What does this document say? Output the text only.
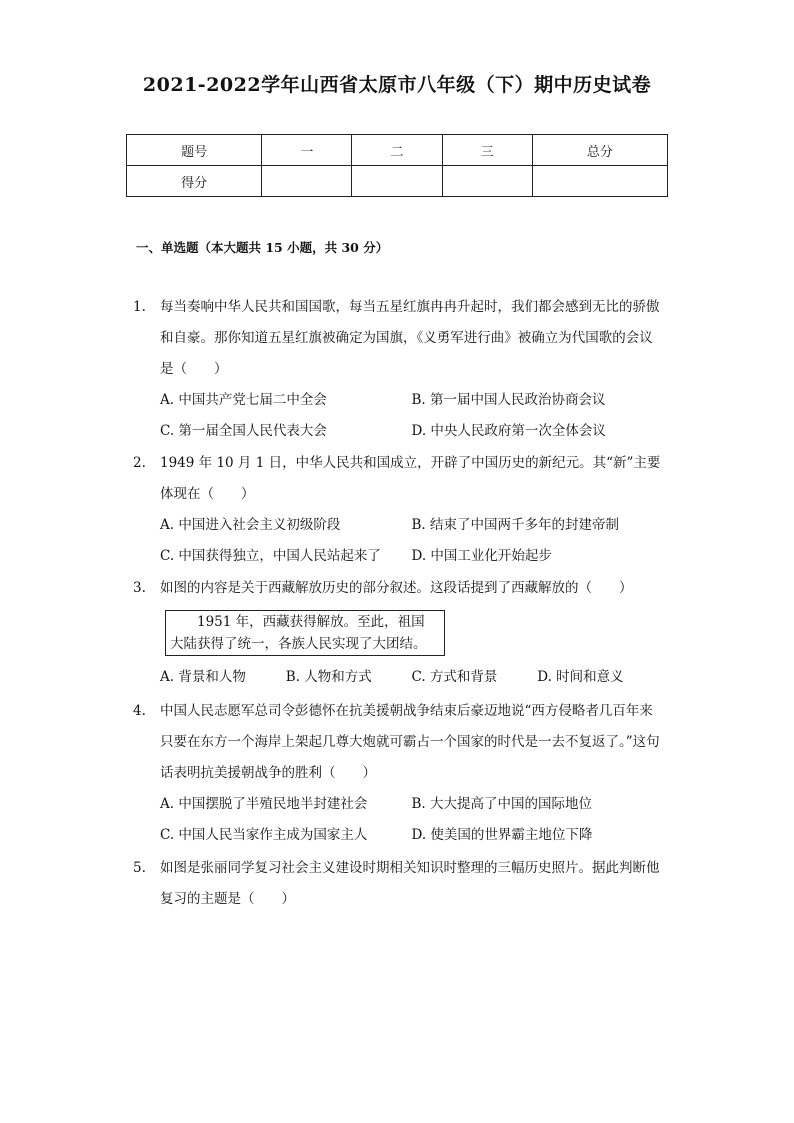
2021-2022学年山西省太原市八年级（下）期中历史试卷
题号	一	二	三	总分
得分				
一、单选题（本大题共 15 小题，共 30 分）
1.	每当奏响中华人民共和国国歌，每当五星红旗冉冉升起时，我们都会感到无比的骄傲和自豪。那你知道五星红旗被确定为国旗，《义勇军进行曲》被确立为代国歌的会议是（　　）
A. 中国共产党七届二中全会	B. 第一届中国人民政治协商会议
C. 第一届全国人民代表大会	D. 中央人民政府第一次全体会议
2.	1949 年 10 月 1 日，中华人民共和国成立，开辟了中国历史的新纪元。其“新”主要体现在（　　）
A. 中国进入社会主义初级阶段	B. 结束了中国两千多年的封建帝制
C. 中国获得独立，中国人民站起来了	D. 中国工业化开始起步
3.	如图的内容是关于西藏解放历史的部分叙述。这段话提到了西藏解放的（　　）
1951 年，西藏获得解放。至此，祖国
大陆获得了统一，各族人民实现了大团结。
A. 背景和人物	B. 人物和方式	C. 方式和背景	D. 时间和意义
4.	中国人民志愿军总司令彭德怀在抗美援朝战争结束后豪迈地说“西方侵略者几百年来只要在东方一个海岸上架起几尊大炮就可霸占一个国家的时代是一去不复返了。”这句话表明抗美援朝战争的胜利（　　）
A. 中国摆脱了半殖民地半封建社会	B. 大大提高了中国的国际地位
C. 中国人民当家作主成为国家主人	D. 使美国的世界霸主地位下降
5.	如图是张丽同学复习社会主义建设时期相关知识时整理的三幅历史照片。据此判断他复习的主题是（　　）
